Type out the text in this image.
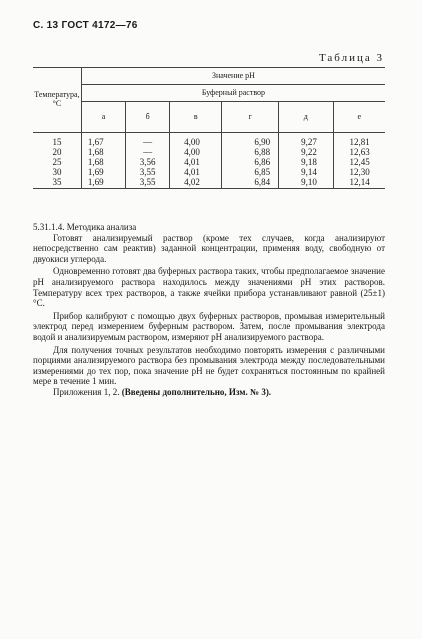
С. 13 ГОСТ 4172—76
Таблица 3
Температура, °С	Значение рН					
	Буферный раствор					
	а	б	в	г	д	е
15	1,67	—	4,00	6,90	9,27	12,81
20	1,68	—	4,00	6,88	9,22	12,63
25	1,68	3,56	4,01	6,86	9,18	12,45
30	1,69	3,55	4,01	6,85	9,14	12,30
35	1,69	3,55	4,02	6,84	9,10	12,14

5.31.1.4. Методика анализа

Готовят анализируемый раствор (кроме тех случаев, когда анализируют непосредственно сам реактив) заданной концентрации, применяя воду, свободную от двуокиси углерода.

Одновременно готовят два буферных раствора таких, чтобы предполагаемое значение рН анализируемого раствора находилось между значениями рН этих растворов. Температуру всех трех растворов, а также ячейки прибора устанавливают равной (25±1) °С.

Прибор калибруют с помощью двух буферных растворов, промывая измерительный электрод перед измерением буферным раствором. Затем, после промывания электрода водой и анализируемым раствором, измеряют рН анализируемого раствора.

Для получения точных результатов необходимо повторять измерения с различными порциями анализируемого раствора без промывания электрода между последовательными измерениями до тех пор, пока значение рН не будет сохраняться постоянным по крайней мере в течение 1 мин.

Приложения 1, 2. (Введены дополнительно, Изм. № 3).
